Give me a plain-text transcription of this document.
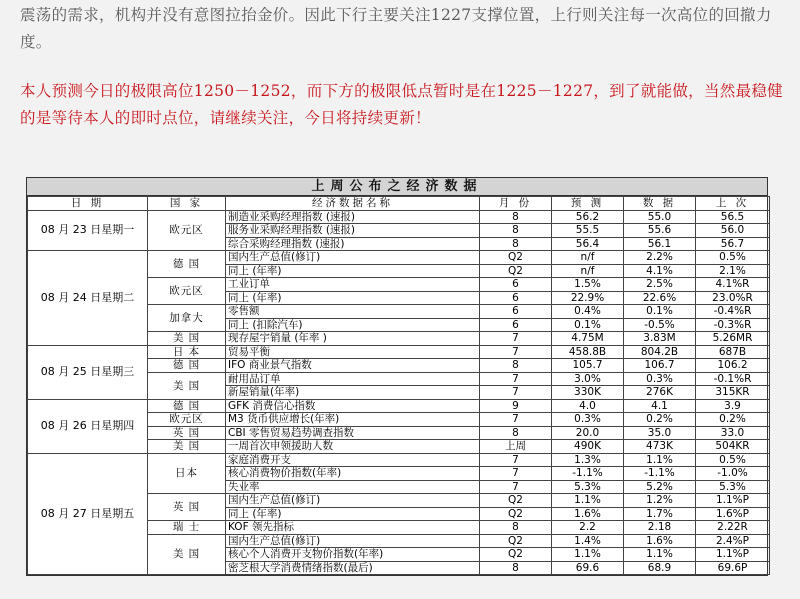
震荡的需求，机构并没有意图拉抬金价。因此下行主要关注1227支撑位置，上行则关注每一次高位的回撤力度。
本人预测今日的极限高位1250－1252，而下方的极限低点暂时是在1225－1227，到了就能做，当然最稳健的是等待本人的即时点位，请继续关注，今日将持续更新！
上周公布之经济数据
日 期	国 家	经济数据名称	月 份	预 测	数 据	上 次
08 月 23 日星期一	欧元区	制造业采购经理指数 (速报)	8	56.2	55.0	56.5
		服务业采购经理指数 (速报)	8	55.5	55.6	56.0
		综合采购经理指数 (速报)	8	56.4	56.1	56.7
08 月 24 日星期二	德 国	国内生产总值(修订)	Q2	n/f	2.2%	0.5%
		同上 (年率)	Q2	n/f	4.1%	2.1%
	欧元区	工业订单	6	1.5%	2.5%	4.1%R
		同上 (年率)	6	22.9%	22.6%	23.0%R
	加拿大	零售额	6	0.4%	0.1%	-0.4%R
		同上 (扣除汽车)	6	0.1%	-0.5%	-0.3%R
	美 国	现存屋宇销量 (年率 )	7	4.75M	3.83M	5.26MR
08 月 25 日星期三	日 本	贸易平衡	7	458.8B	804.2B	687B
	德 国	IFO 商业景气指数	8	105.7	106.7	106.2
	美 国	耐用品订单	7	3.0%	0.3%	-0.1%R
		新屋销量(年率)	7	330K	276K	315KR
08 月 26 日星期四	德 国	GFK 消费信心指数	9	4.0	4.1	3.9
	欧元区	M3 货币供应增长(年率)	7	0.3%	0.2%	0.2%
	英 国	CBI 零售贸易趋势调查指数	8	20.0	35.0	33.0
	美 国	一周首次申领援助人数	上周	490K	473K	504KR
08 月 27 日星期五	日本	家庭消费开支	7	1.3%	1.1%	0.5%
		核心消费物价指数(年率)	7	-1.1%	-1.1%	-1.0%
		失业率	7	5.3%	5.2%	5.3%
	英 国	国内生产总值(修订)	Q2	1.1%	1.2%	1.1%P
		同上 (年率)	Q2	1.6%	1.7%	1.6%P
	瑞 士	KOF 领先指标	8	2.2	2.18	2.22R
	美 国	国内生产总值(修订)	Q2	1.4%	1.6%	2.4%P
		核心个人消费开支物价指数(年率)	Q2	1.1%	1.1%	1.1%P
		密芝根大学消费情绪指数(最后)	8	69.6	68.9	69.6P
